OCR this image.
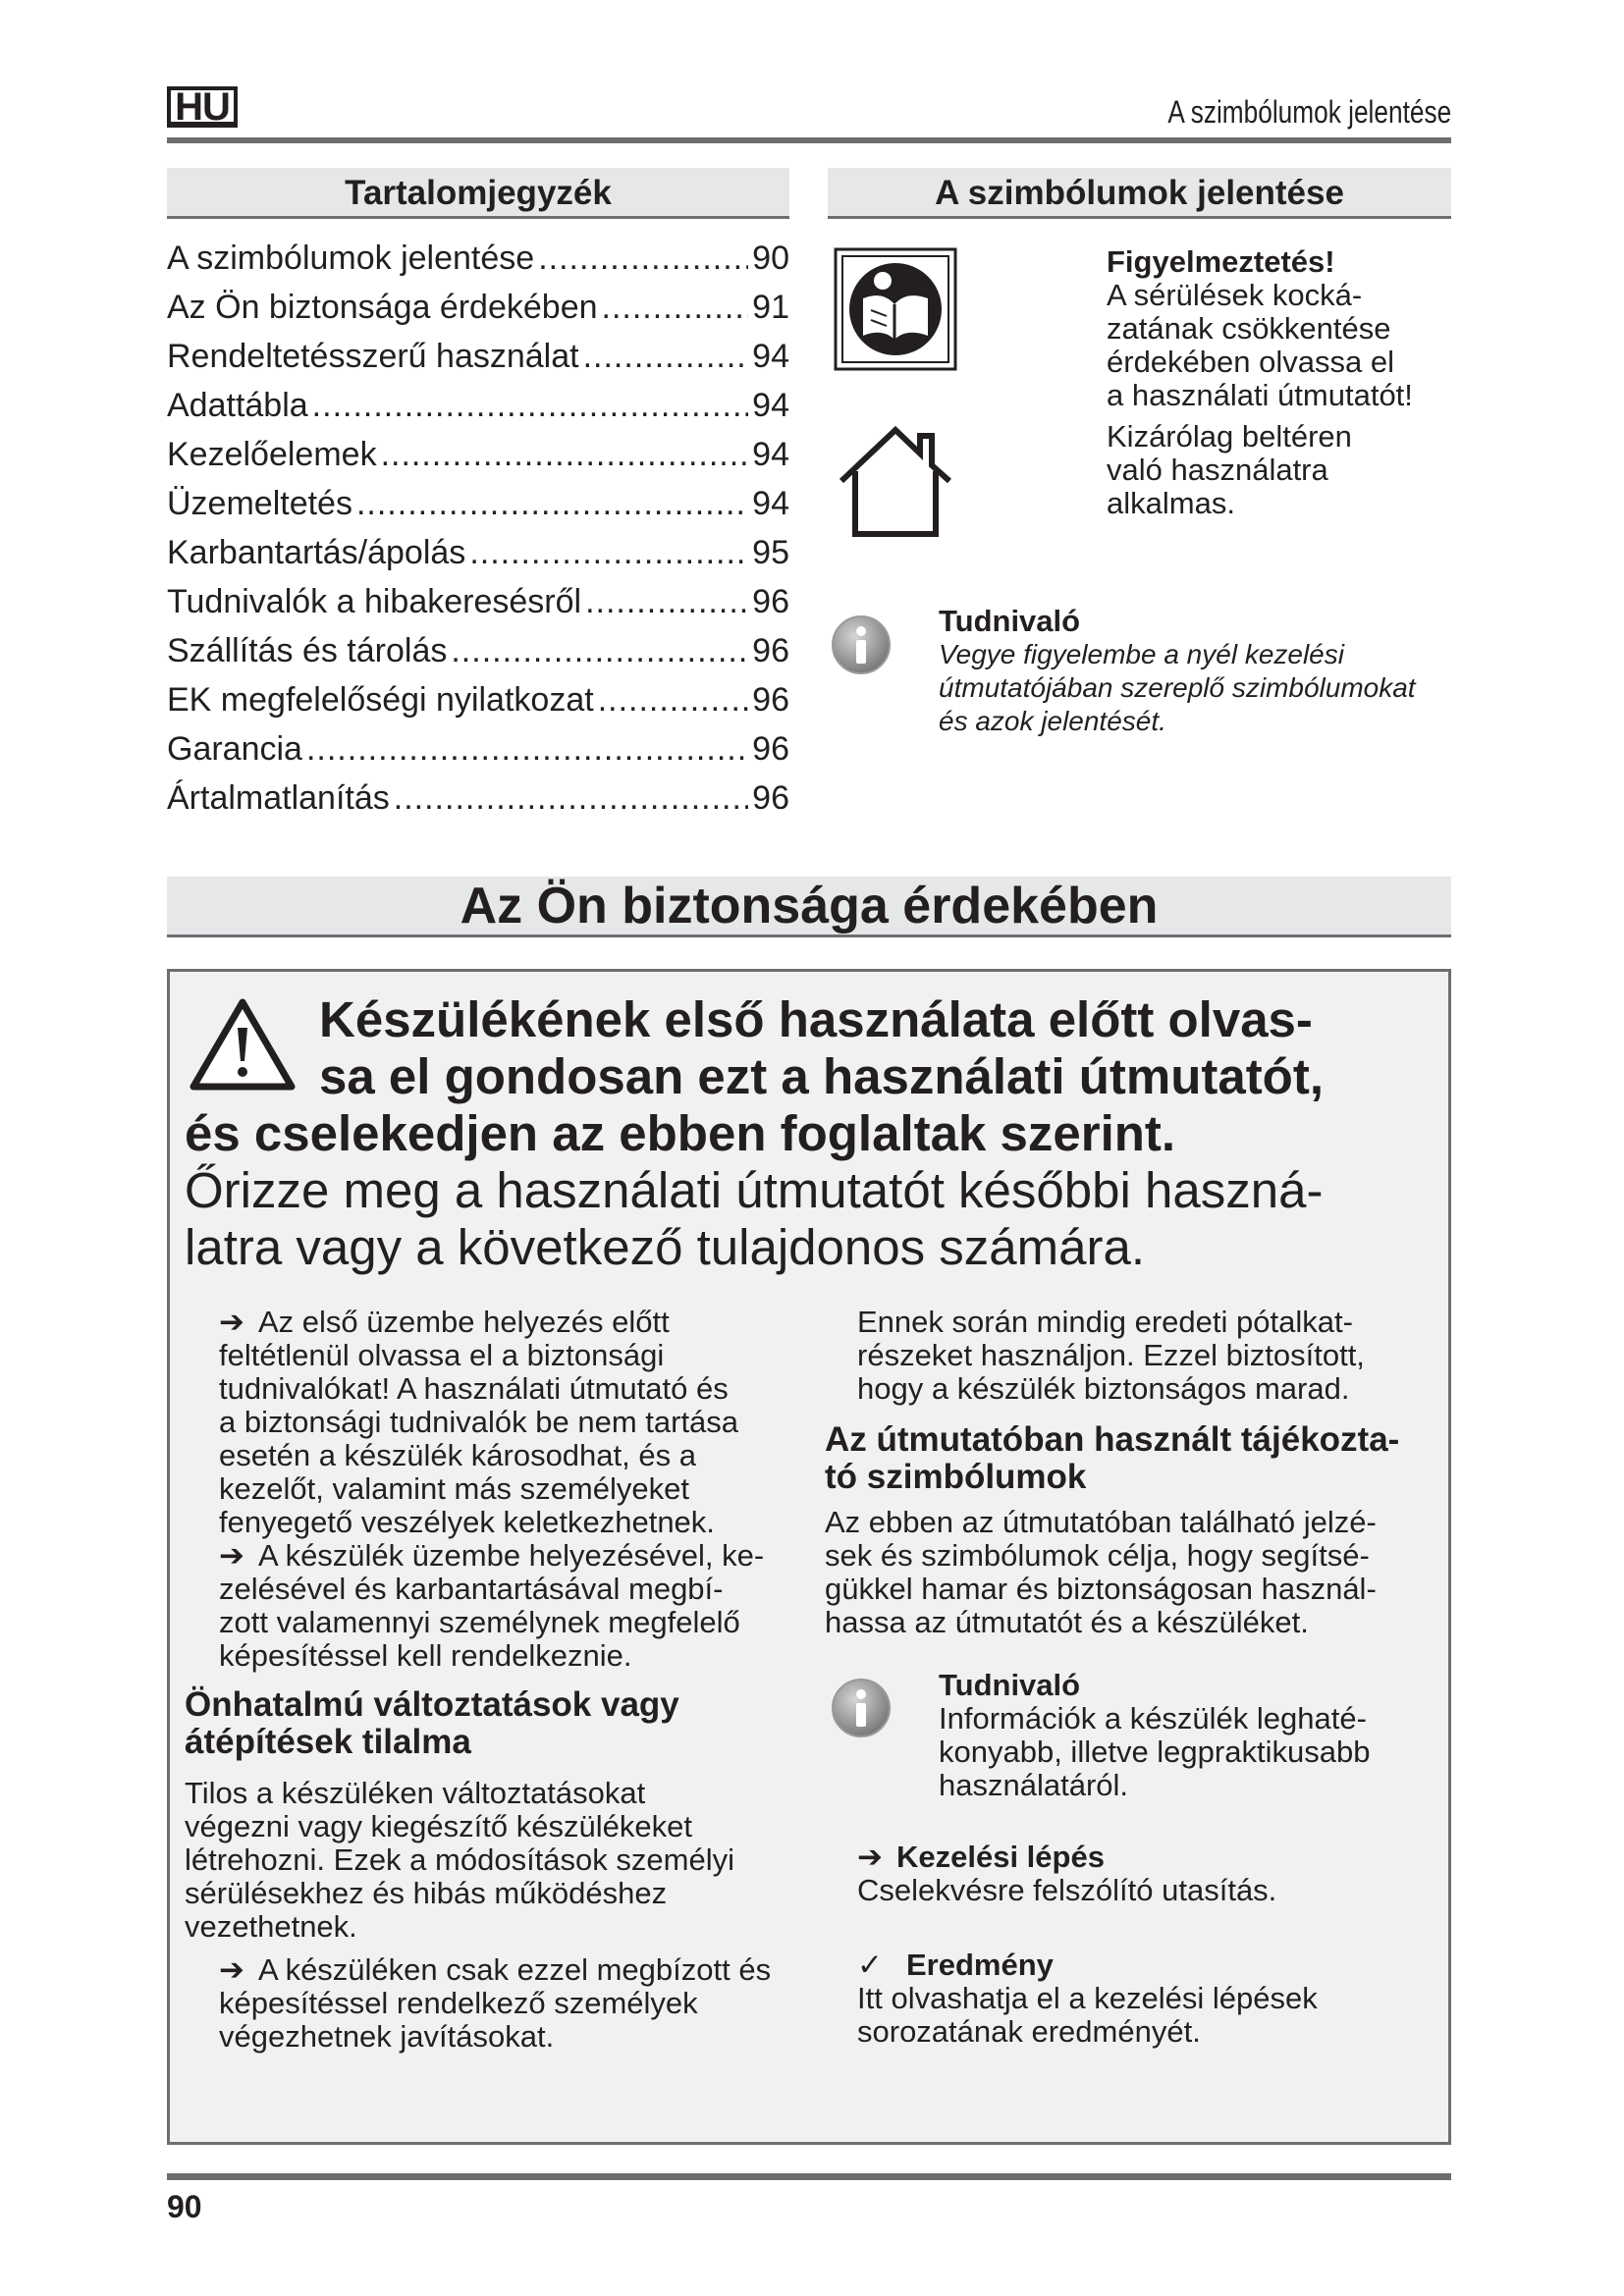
HU	A szimbólumok jelentése
Tartalomjegyzék
A szimbólumok jelentése .....	90
Az Ön biztonsága érdekében .....	91
Rendeltetésszerű használat .....	94
Adattábla .....	94
Kezelőelemek .....	94
Üzemeltetés .....	94
Karbantartás/ápolás .....	95
Tudnivalók a hibakeresésről .....	96
Szállítás és tárolás .....	96
EK megfelelőségi nyilatkozat .....	96
Garancia .....	96
Ártalmatlanítás .....	96
A szimbólumok jelentése
Figyelmeztetés!
A sérülések kocká-
zatának csökkentése
érdekében olvassa el
a használati útmutatót!
Kizárólag beltéren
való használatra
alkalmas.
Tudnivaló
Vegye figyelembe a nyél kezelési
útmutatójában szereplő szimbólumokat
és azok jelentését.
Az Ön biztonsága érdekében
Készülékének első használata előtt olvas-
sa el gondosan ezt a használati útmutatót,
és cselekedjen az ebben foglaltak szerint.
Őrizze meg a használati útmutatót későbbi haszná-
latra vagy a következő tulajdonos számára.
➔ Az első üzembe helyezés előtt
feltétlenül olvassa el a biztonsági
tudnivalókat! A használati útmutató és
a biztonsági tudnivalók be nem tartása
esetén a készülék károsodhat, és a
kezelőt, valamint más személyeket
fenyegető veszélyek keletkezhetnek.
➔ A készülék üzembe helyezésével, ke-
zelésével és karbantartásával megbí-
zott valamennyi személynek megfelelő
képesítéssel kell rendelkeznie.
Önhatalmú változtatások vagy
átépítések tilalma
Tilos a készüléken változtatásokat
végezni vagy kiegészítő készülékeket
létrehozni. Ezek a módosítások személyi
sérülésekhez és hibás működéshez
vezethetnek.
➔ A készüléken csak ezzel megbízott és
képesítéssel rendelkező személyek
végezhetnek javításokat.
Ennek során mindig eredeti pótalkat-
részeket használjon. Ezzel biztosított,
hogy a készülék biztonságos marad.
Az útmutatóban használt tájékozta-
tó szimbólumok
Az ebben az útmutatóban található jelzé-
sek és szimbólumok célja, hogy segítsé-
gükkel hamar és biztonságosan használ-
hassa az útmutatót és a készüléket.
Tudnivaló
Információk a készülék leghaté-
konyabb, illetve legpraktikusabb
használatáról.
➔ Kezelési lépés
Cselekvésre felszólító utasítás.
✓ Eredmény
Itt olvashatja el a kezelési lépések
sorozatának eredményét.
90
